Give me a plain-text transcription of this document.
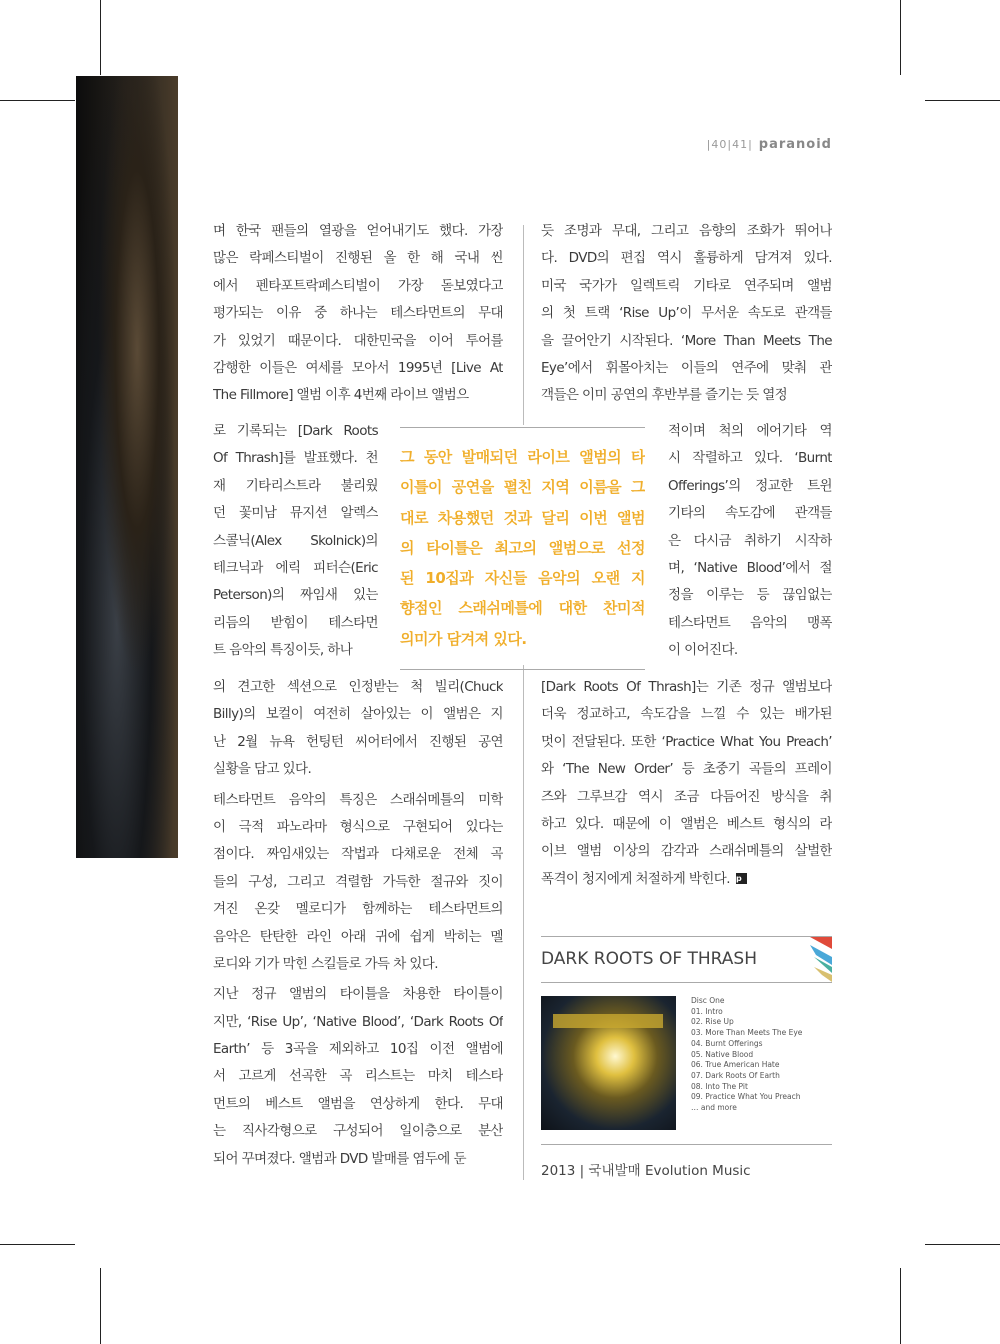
|40|41| paranoid
며 한국 팬들의 열광을 얻어내기도 했다. 가장
많은 락페스티벌이 진행된 올 한 해 국내 씬
에서 펜타포트락페스티벌이 가장 돋보였다고
평가되는 이유 중 하나는 테스타먼트의 무대
가 있었기 때문이다. 대한민국을 이어 투어를
감행한 이들은 여세를 모아서 1995년 [Live At
The Fillmore] 앨범 이후 4번째 라이브 앨범으
로 기록되는 [Dark Roots
Of Thrash]를 발표했다. 천
재 기타리스트라 불리웠
던 꽃미남 뮤지션 알렉스
스콜닉(Alex Skolnick)의
테크닉과 에릭 피터슨(Eric
Peterson)의 짜임새 있는
리듬의 받힘이 테스타먼
트 음악의 특징이듯, 하나
의 견고한 섹션으로 인정받는 척 빌리(Chuck
Billy)의 보컬이 여전히 살아있는 이 앨범은 지
난 2월 뉴욕 헌팅턴 씨어터에서 진행된 공연
실황을 담고 있다.
테스타먼트 음악의 특징은 스래쉬메틀의 미학
이 극적 파노라마 형식으로 구현되어 있다는
점이다. 짜임새있는 작법과 다채로운 전체 곡
들의 구성, 그리고 격렬함 가득한 절규와 짓이
겨진 온갖 멜로디가 함께하는 테스타먼트의
음악은 탄탄한 라인 아래 귀에 쉽게 박히는 멜
로디와 기가 막힌 스킬들로 가득 차 있다.
지난 정규 앨범의 타이틀을 차용한 타이틀이
지만, ‘Rise Up’, ‘Native Blood’, ‘Dark Roots Of
Earth’ 등 3곡을 제외하고 10집 이전 앨범에
서 고르게 선곡한 곡 리스트는 마치 테스타
먼트의 베스트 앨범을 연상하게 한다. 무대
는 직사각형으로 구성되어 일이층으로 분산
되어 꾸며졌다. 앨범과 DVD 발매를 염두에 둔
듯 조명과 무대, 그리고 음향의 조화가 뛰어나
다. DVD의 편집 역시 훌륭하게 담겨져 있다.
미국 국가가 일렉트릭 기타로 연주되며 앨범
의 첫 트랙 ‘Rise Up’이 무서운 속도로 관객들
을 끌어안기 시작된다. ‘More Than Meets The
Eye’에서 휘몰아치는 이들의 연주에 맞춰 관
객들은 이미 공연의 후반부를 즐기는 듯 열정
적이며 척의 에어기타 역
시 작렬하고 있다. ‘Burnt
Offerings’의 정교한 트윈
기타의 속도감에 관객들
은 다시금 취하기 시작하
며, ‘Native Blood’에서 절
정을 이루는 등 끊임없는
테스타먼트 음악의 맹폭
이 이어진다.
[Dark Roots Of Thrash]는 기존 정규 앨범보다
더욱 정교하고, 속도감을 느낄 수 있는 배가된
멋이 전달된다. 또한 ‘Practice What You Preach’
와 ‘The New Order’ 등 초중기 곡들의 프레이
즈와 그루브감 역시 조금 다듬어진 방식을 취
하고 있다. 때문에 이 앨범은 베스트 형식의 라
이브 앨범 이상의 감각과 스래쉬메틀의 살벌한
폭격이 청지에게 처절하게 박힌다. p
그 동안 발매되던 라이브 앨범의 타
이틀이 공연을 펼친 지역 이름을 그
대로 차용했던 것과 달리 이번 앨범
의 타이틀은 최고의 앨범으로 선정
된 10집과 자신들 음악의 오랜 지
향점인 스래쉬메틀에 대한 찬미적
의미가 담겨져 있다.
DARK ROOTS OF THRASH
Disc One
01. Intro
02. Rise Up
03. More Than Meets The Eye
04. Burnt Offerings
05. Native Blood
06. True American Hate
07. Dark Roots Of Earth
08. Into The Pit
09. Practice What You Preach
… and more
2013 | 국내발매 Evolution Music
